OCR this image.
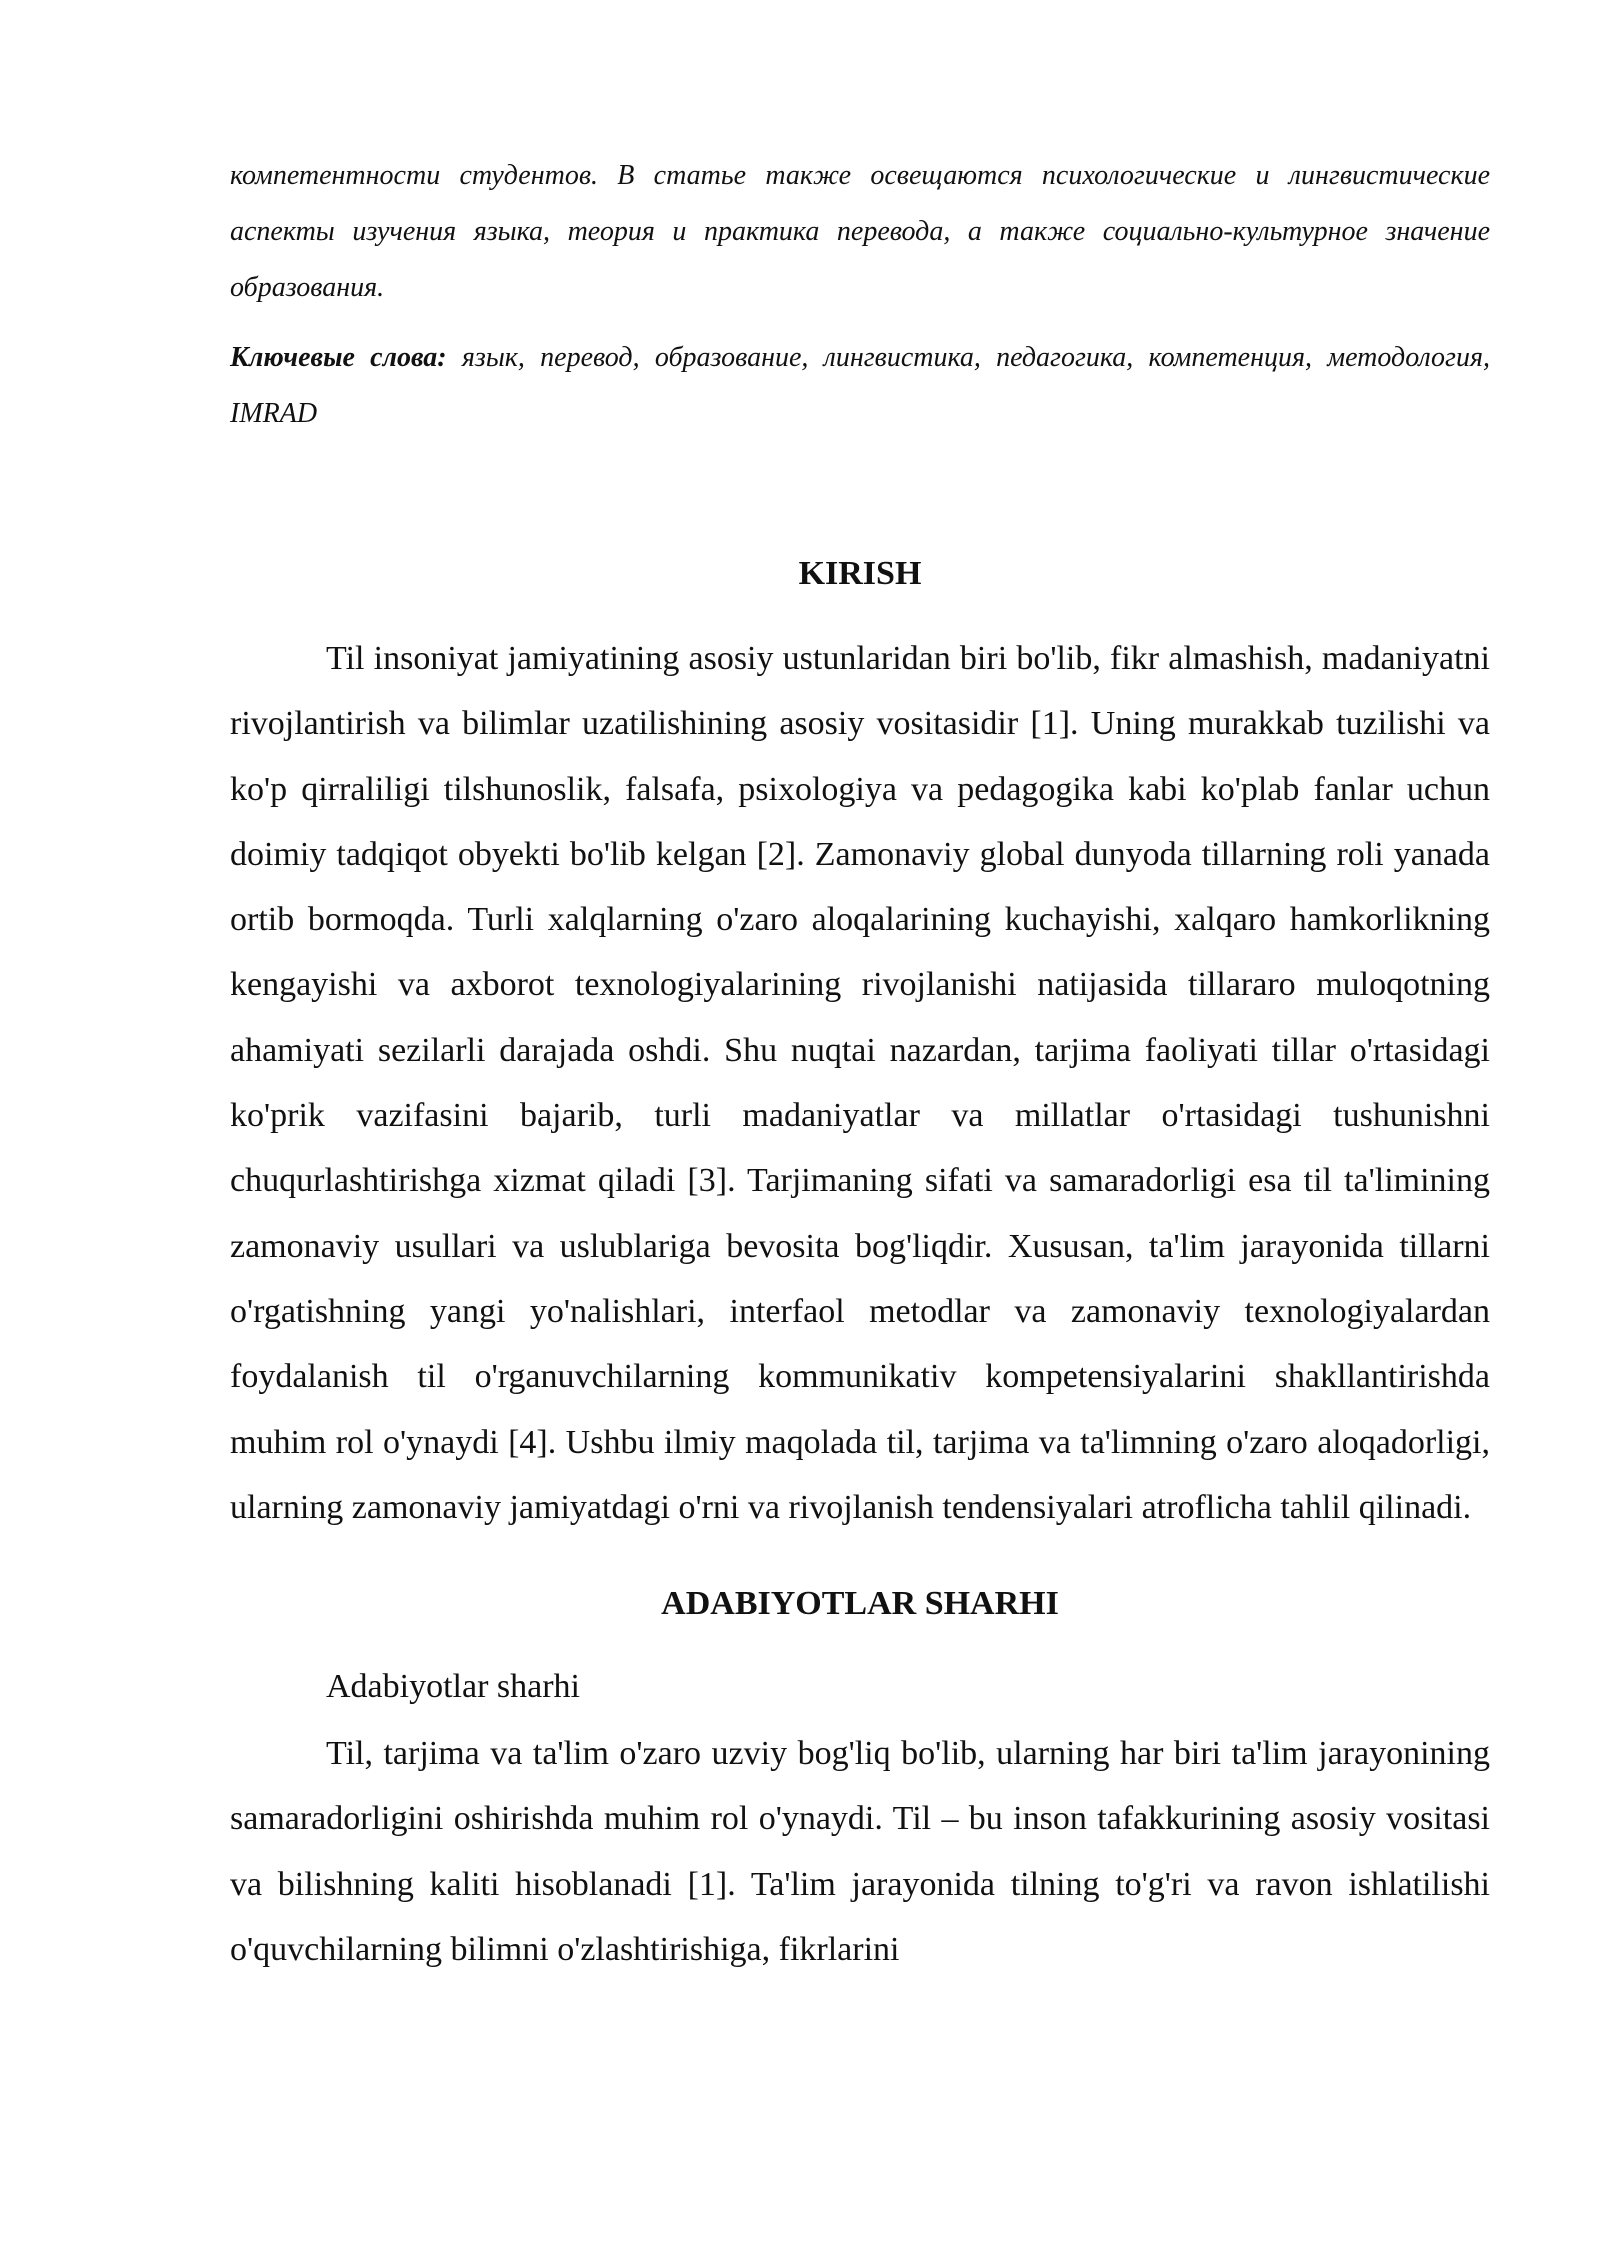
компетентности студентов. В статье также освещаются психологические и лингвистические аспекты изучения языка, теория и практика перевода, а также социально-культурное значение образования.

Ключевые слова: язык, перевод, образование, лингвистика, педагогика, компетенция, методология, IMRAD

KIRISH

Til insoniyat jamiyatining asosiy ustunlaridan biri bo'lib, fikr almashish, madaniyatni rivojlantirish va bilimlar uzatilishining asosiy vositasidir [1]. Uning murakkab tuzilishi va ko'p qirraliligi tilshunoslik, falsafa, psixologiya va pedagogika kabi ko'plab fanlar uchun doimiy tadqiqot obyekti bo'lib kelgan [2]. Zamonaviy global dunyoda tillarning roli yanada ortib bormoqda. Turli xalqlarning o'zaro aloqalarining kuchayishi, xalqaro hamkorlikning kengayishi va axborot texnologiyalarining rivojlanishi natijasida tillararo muloqotning ahamiyati sezilarli darajada oshdi. Shu nuqtai nazardan, tarjima faoliyati tillar o'rtasidagi ko'prik vazifasini bajarib, turli madaniyatlar va millatlar o'rtasidagi tushunishni chuqurlashtirishga xizmat qiladi [3]. Tarjimaning sifati va samaradorligi esa til ta'limining zamonaviy usullari va uslublariga bevosita bog'liqdir. Xususan, ta'lim jarayonida tillarni o'rgatishning yangi yo'nalishlari, interfaol metodlar va zamonaviy texnologiyalardan foydalanish til o'rganuvchilarning kommunikativ kompetensiyalarini shakllantirishda muhim rol o'ynaydi [4]. Ushbu ilmiy maqolada til, tarjima va ta'limning o'zaro aloqadorligi, ularning zamonaviy jamiyatdagi o'rni va rivojlanish tendensiyalari atroflicha tahlil qilinadi.

ADABIYOTLAR SHARHI

Adabiyotlar sharhi

Til, tarjima va ta'lim o'zaro uzviy bog'liq bo'lib, ularning har biri ta'lim jarayonining samaradorligini oshirishda muhim rol o'ynaydi. Til – bu inson tafakkurining asosiy vositasi va bilishning kaliti hisoblanadi [1]. Ta'lim jarayonida tilning to'g'ri va ravon ishlatilishi o'quvchilarning bilimni o'zlashtirishiga, fikrlarini
